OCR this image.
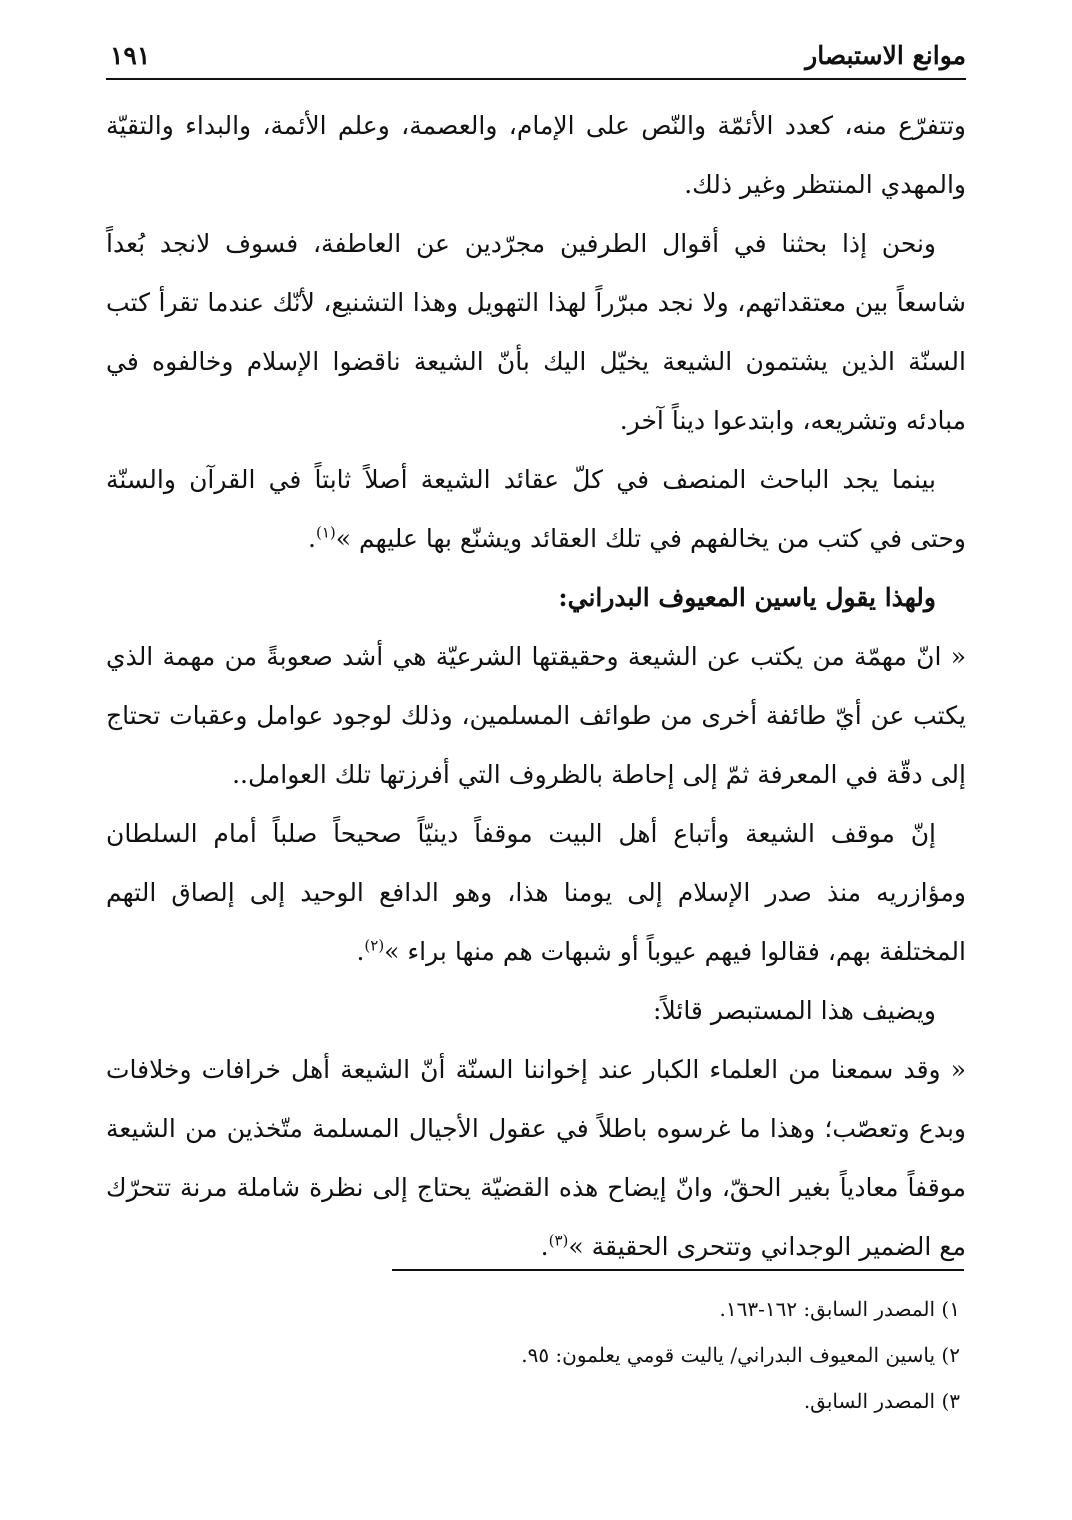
موانع الاستبصار
١٩١

وتتفرّع منه، كعدد الأئمّة والنّص على الإمام، والعصمة، وعلم الأئمة، والبداء والتقيّة والمهدي المنتظر وغير ذلك.

ونحن إذا بحثنا في أقوال الطرفين مجرّدين عن العاطفة، فسوف لانجد بُعداً شاسعاً بين معتقداتهم، ولا نجد مبرّراً لهذا التهويل وهذا التشنيع، لأنّك عندما تقرأ كتب السنّة الذين يشتمون الشيعة يخيّل اليك بأنّ الشيعة ناقضوا الإسلام وخالفوه في مبادئه وتشريعه، وابتدعوا ديناً آخر.

بينما يجد الباحث المنصف في كلّ عقائد الشيعة أصلاً ثابتاً في القرآن والسنّة وحتى في كتب من يخالفهم في تلك العقائد ويشنّع بها عليهم »$^{(١)}$.

ولهذا يقول ياسين المعيوف البدراني:

« انّ مهمّة من يكتب عن الشيعة وحقيقتها الشرعيّة هي أشد صعوبةً من مهمة الذي يكتب عن أيّ طائفة أخرى من طوائف المسلمين، وذلك لوجود عوامل وعقبات تحتاج إلى دقّة في المعرفة ثمّ إلى إحاطة بالظروف التي أفرزتها تلك العوامل..

إنّ موقف الشيعة وأتباع أهل البيت موقفاً دينيّاً صحيحاً صلباً أمام السلطان ومؤازريه منذ صدر الإسلام إلى يومنا هذا، وهو الدافع الوحيد إلى إلصاق التهم المختلفة بهم، فقالوا فيهم عيوباً أو شبهات هم منها براء »$^{(٢)}$.

ويضيف هذا المستبصر قائلاً:

« وقد سمعنا من العلماء الكبار عند إخواننا السنّة أنّ الشيعة أهل خرافات وخلافات وبدع وتعصّب؛ وهذا ما غرسوه باطلاً في عقول الأجيال المسلمة متّخذين من الشيعة موقفاً معادياً بغير الحقّ، وانّ إيضاح هذه القضيّة يحتاج إلى نظرة شاملة مرنة تتحرّك مع الضمير الوجداني وتتحرى الحقيقة »$^{(٣)}$.

١) المصدر السابق: ١٦٢-١٦٣.
٢) ياسين المعيوف البدراني/ ياليت قومي يعلمون: ٩٥.
٣) المصدر السابق.
